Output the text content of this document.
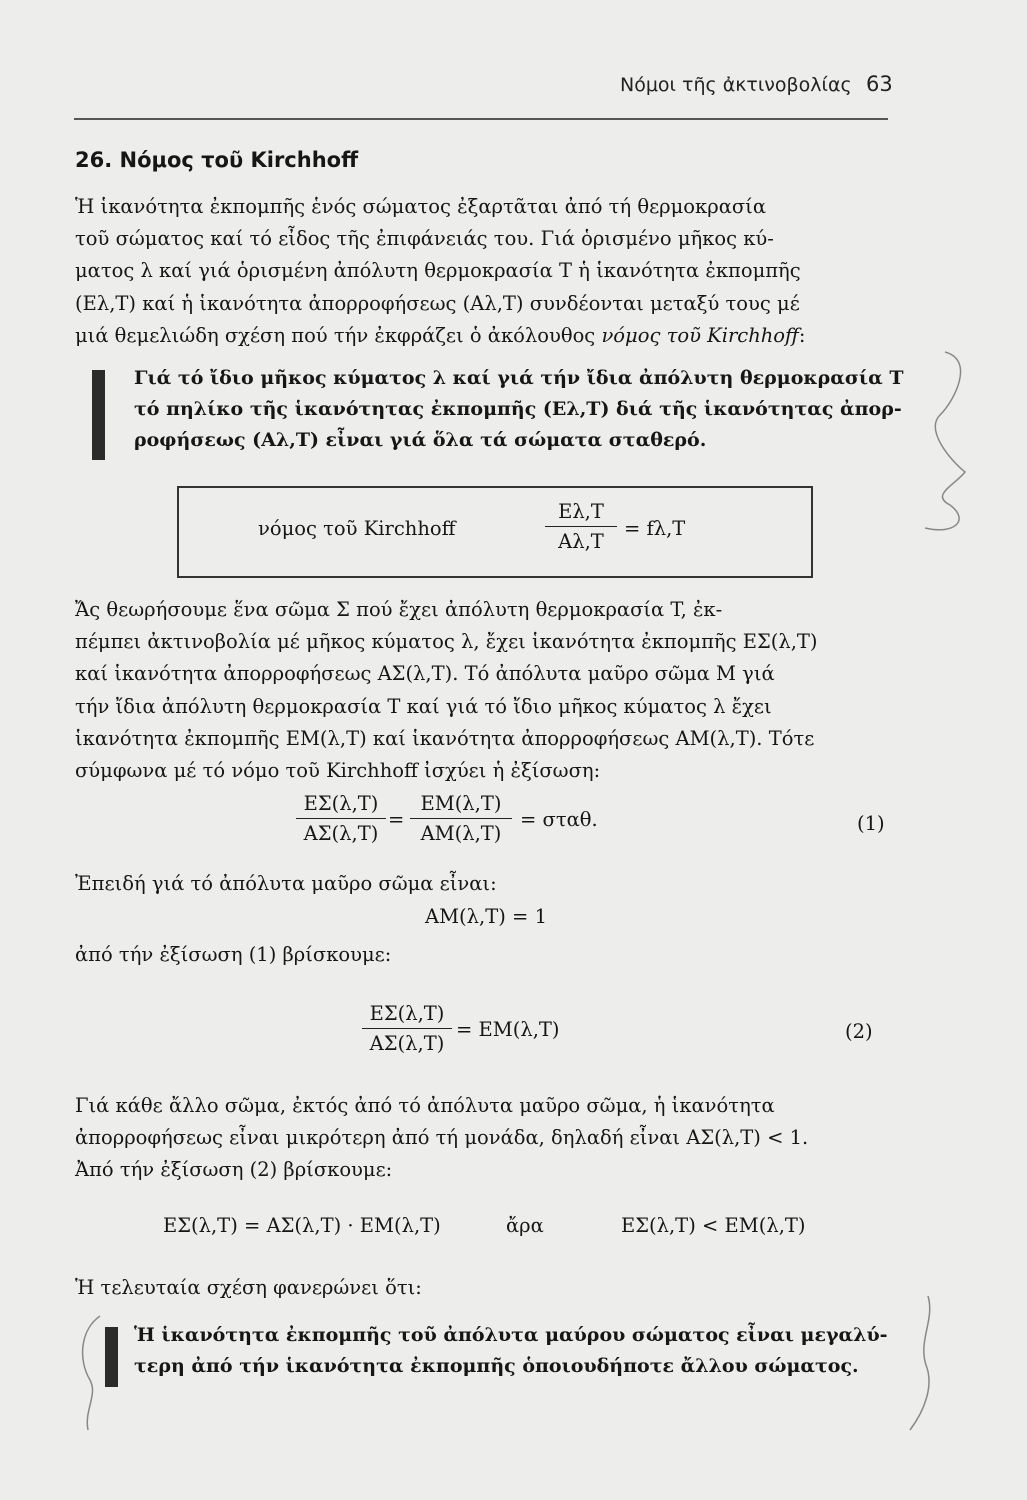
Νόμοι τῆς ἀκτινοβολίας 63
26. Νόμος τοῦ Kirchhoff
Ἡ ἱκανότητα ἐκπομπῆς ἑνός σώματος ἐξαρτᾶται ἀπό τή θερμοκρασία
τοῦ σώματος καί τό εἶδος τῆς ἐπιφάνειάς του. Γιά ὁρισμένο μῆκος κύ-
ματος λ καί γιά ὁρισμένη ἀπόλυτη θερμοκρασία T ἡ ἱκανότητα ἐκπομπῆς
(Eλ,T) καί ἡ ἱκανότητα ἀπορροφήσεως (Aλ,T) συνδέονται μεταξύ τους μέ
μιά θεμελιώδη σχέση πού τήν ἐκφράζει ὁ ἀκόλουθος νόμος τοῦ Kirchhoff:
Γιά τό ἴδιο μῆκος κύματος λ καί γιά τήν ἴδια ἀπόλυτη θερμοκρασία T
τό πηλίκο τῆς ἱκανότητας ἐκπομπῆς (Eλ,T) διά τῆς ἱκανότητας ἀπορ-
ροφήσεως (Aλ,T) εἶναι γιά ὅλα τά σώματα σταθερό.
νόμος τοῦ Kirchhoff	$\frac{E\lambda,T}{A\lambda,T} = f\lambda,T$
Ἄς θεωρήσουμε ἕνα σῶμα Σ πού ἔχει ἀπόλυτη θερμοκρασία T, ἐκ-
πέμπει ἀκτινοβολία μέ μῆκος κύματος λ, ἔχει ἱκανότητα ἐκπομπῆς EΣ(λ,T)
καί ἱκανότητα ἀπορροφήσεως AΣ(λ,T). Τό ἀπόλυτα μαῦρο σῶμα M γιά
τήν ἴδια ἀπόλυτη θερμοκρασία T καί γιά τό ἴδιο μῆκος κύματος λ ἔχει
ἱκανότητα ἐκπομπῆς EM(λ,T) καί ἱκανότητα ἀπορροφήσεως AM(λ,T). Τότε
σύμφωνα μέ τό νόμο τοῦ Kirchhoff ἰσχύει ἡ ἐξίσωση:
$\frac{E\Sigma(\lambda,T)}{A\Sigma(\lambda,T)} = \frac{EM(\lambda,T)}{AM(\lambda,T)} = \sigma\tau\alpha\theta$.	(1)
Ἐπειδή γιά τό ἀπόλυτα μαῦρο σῶμα εἶναι:
AM(λ,T) = 1
ἀπό τήν ἐξίσωση (1) βρίσκουμε:
$\frac{E\Sigma(\lambda,T)}{A\Sigma(\lambda,T)} = EM(\lambda,T)$	(2)
Γιά κάθε ἄλλο σῶμα, ἐκτός ἀπό τό ἀπόλυτα μαῦρο σῶμα, ἡ ἱκανότητα
ἀπορροφήσεως εἶναι μικρότερη ἀπό τή μονάδα, δηλαδή εἶναι AΣ(λ,T) < 1.
Ἀπό τήν ἐξίσωση (2) βρίσκουμε:
EΣ(λ,T) = AΣ(λ,T) · EM(λ,T)	ἄρα	EΣ(λ,T) < EM(λ,T)
Ἡ τελευταία σχέση φανερώνει ὅτι:
Ἡ ἱκανότητα ἐκπομπῆς τοῦ ἀπόλυτα μαύρου σώματος εἶναι μεγαλύ-
τερη ἀπό τήν ἱκανότητα ἐκπομπῆς ὁποιουδήποτε ἄλλου σώματος.
